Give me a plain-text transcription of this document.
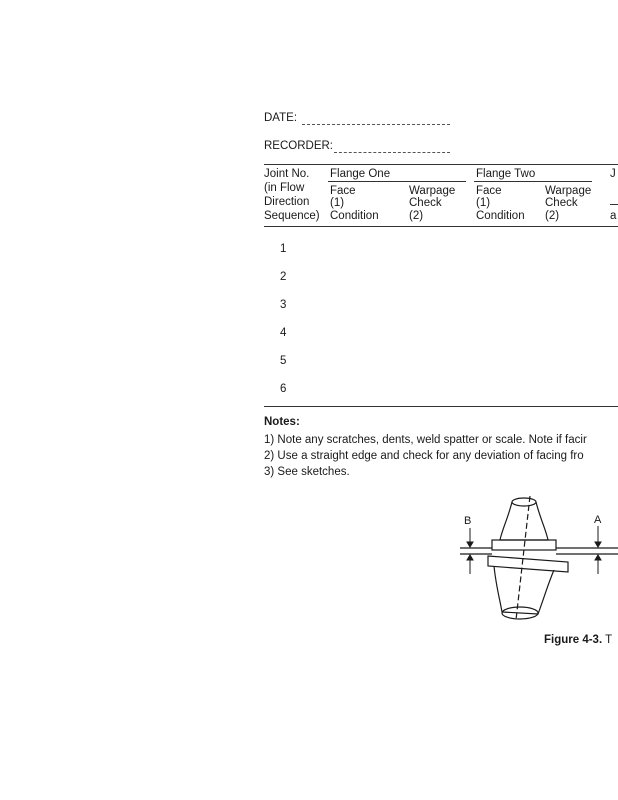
DATE:
RECORDER:
Joint No.
(in Flow
Direction
Sequence)
Flange One
Face
(1)
Condition
Warpage
Check
(2)
Flange Two
Face
(1)
Condition
Warpage
Check
(2)
J
a
1
2
3
4
5
6
Notes:
1) Note any scratches, dents, weld spatter or scale. Note if facir
2) Use a straight edge and check for any deviation of facing fro
3) See sketches.
B	A
Figure 4-3. T
